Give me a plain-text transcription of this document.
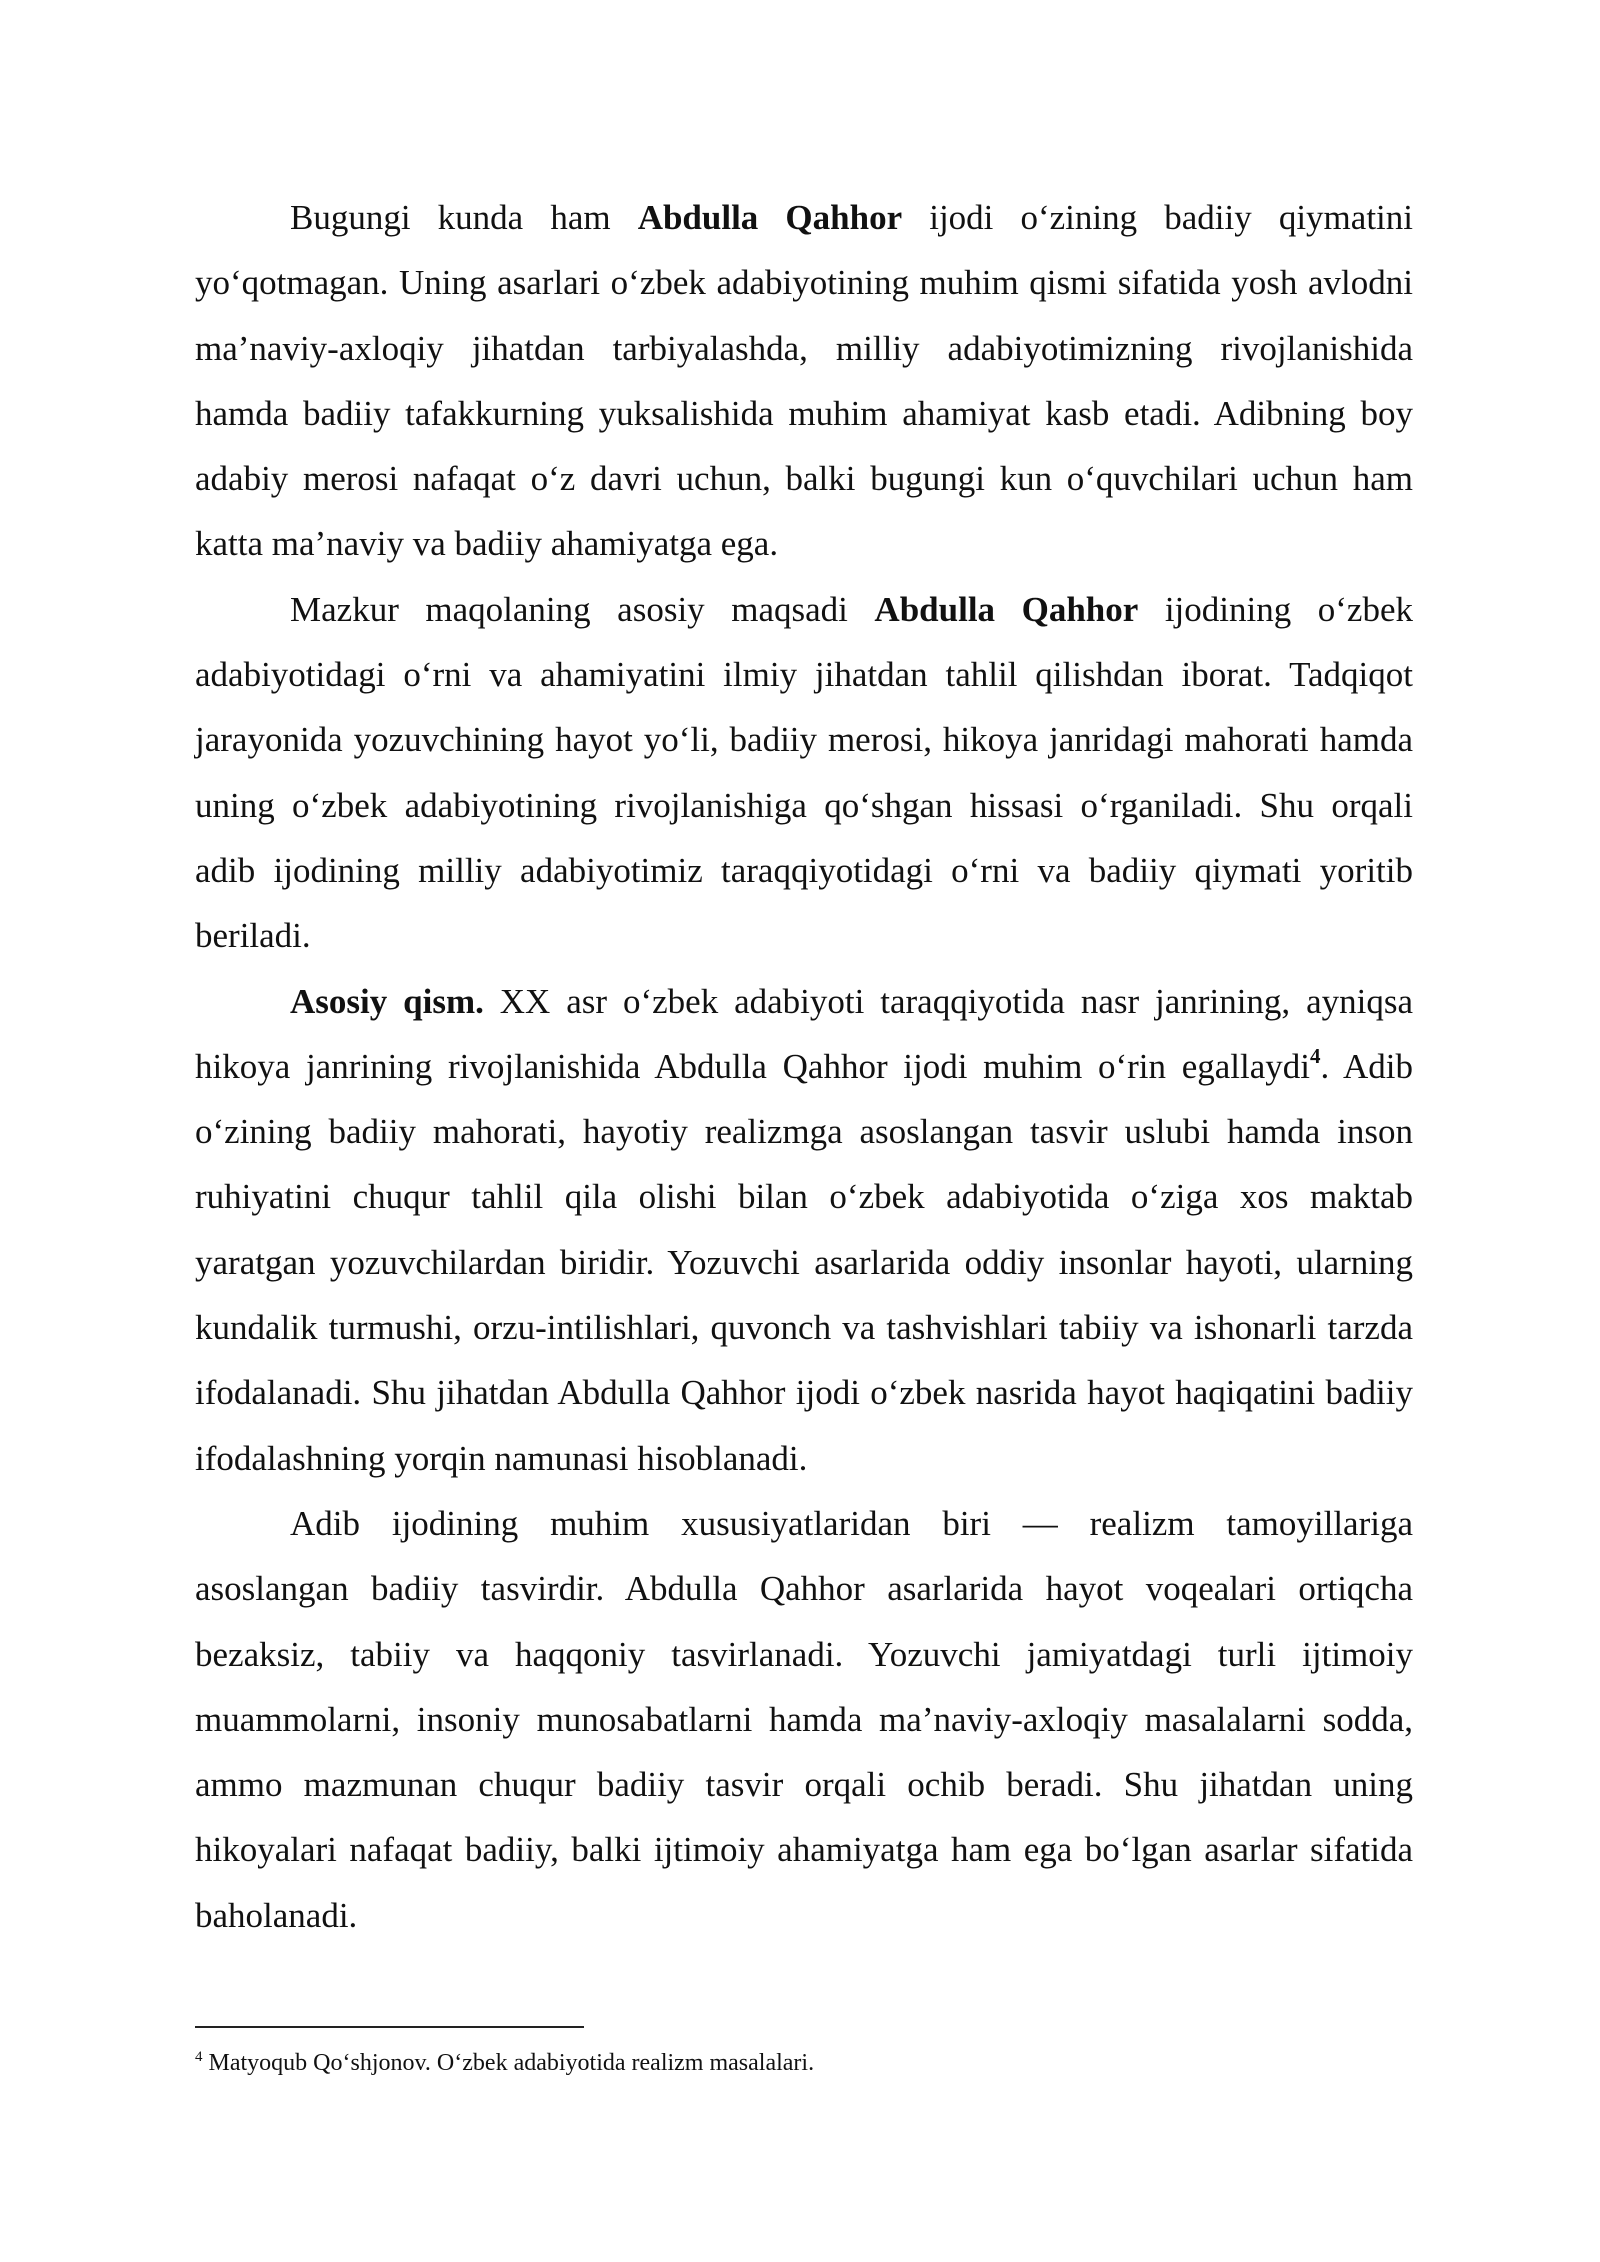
Bugungi kunda ham Abdulla Qahhor ijodi o‘zining badiiy qiymatini yo‘qotmagan. Uning asarlari o‘zbek adabiyotining muhim qismi sifatida yosh avlodni ma’naviy-axloqiy jihatdan tarbiyalashda, milliy adabiyotimizning rivojlanishida hamda badiiy tafakkurning yuksalishida muhim ahamiyat kasb etadi. Adibning boy adabiy merosi nafaqat o‘z davri uchun, balki bugungi kun o‘quvchilari uchun ham katta ma’naviy va badiiy ahamiyatga ega.

Mazkur maqolaning asosiy maqsadi Abdulla Qahhor ijodining o‘zbek adabiyotidagi o‘rni va ahamiyatini ilmiy jihatdan tahlil qilishdan iborat. Tadqiqot jarayonida yozuvchining hayot yo‘li, badiiy merosi, hikoya janridagi mahorati hamda uning o‘zbek adabiyotining rivojlanishiga qo‘shgan hissasi o‘rganiladi. Shu orqali adib ijodining milliy adabiyotimiz taraqqiyotidagi o‘rni va badiiy qiymati yoritib beriladi.

Asosiy qism. XX asr o‘zbek adabiyoti taraqqiyotida nasr janrining, ayniqsa hikoya janrining rivojlanishida Abdulla Qahhor ijodi muhim o‘rin egallaydi$^4$. Adib o‘zining badiiy mahorati, hayotiy realizmga asoslangan tasvir uslubi hamda inson ruhiyatini chuqur tahlil qila olishi bilan o‘zbek adabiyotida o‘ziga xos maktab yaratgan yozuvchilardan biridir. Yozuvchi asarlarida oddiy insonlar hayoti, ularning kundalik turmushi, orzu-intilishlari, quvonch va tashvishlari tabiiy va ishonarli tarzda ifodalanadi. Shu jihatdan Abdulla Qahhor ijodi o‘zbek nasrida hayot haqiqatini badiiy ifodalashning yorqin namunasi hisoblanadi.

Adib ijodining muhim xususiyatlaridan biri — realizm tamoyillariga asoslangan badiiy tasvirdir. Abdulla Qahhor asarlarida hayot voqealari ortiqcha bezaksiz, tabiiy va haqqoniy tasvirlanadi. Yozuvchi jamiyatdagi turli ijtimoiy muammolarni, insoniy munosabatlarni hamda ma’naviy-axloqiy masalalarni sodda, ammo mazmunan chuqur badiiy tasvir orqali ochib beradi. Shu jihatdan uning hikoyalari nafaqat badiiy, balki ijtimoiy ahamiyatga ham ega bo‘lgan asarlar sifatida baholanadi.

$^4$ Matyoqub Qo‘shjonov. O‘zbek adabiyotida realizm masalalari.
